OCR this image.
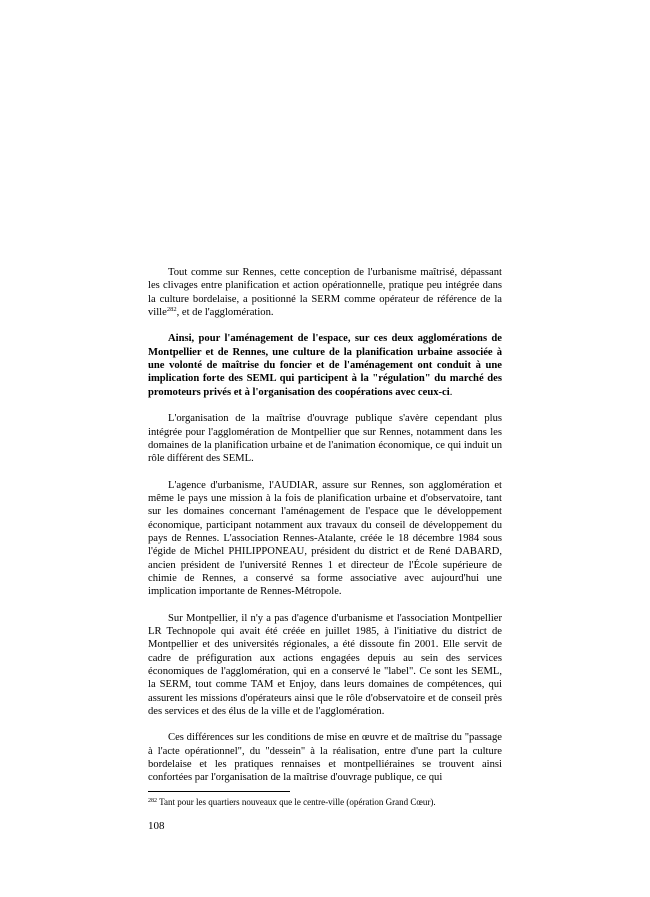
Tout comme sur Rennes, cette conception de l'urbanisme maîtrisé, dépassant les clivages entre planification et action opérationnelle, pratique peu intégrée dans la culture bordelaise, a positionné la SERM comme opérateur de référence de la ville$^{282}$, et de l'agglomération.

Ainsi, pour l'aménagement de l'espace, sur ces deux agglomérations de Montpellier et de Rennes, une culture de la planification urbaine associée à une volonté de maîtrise du foncier et de l'aménagement ont conduit à une implication forte des SEML qui participent à la "régulation" du marché des promoteurs privés et à l'organisation des coopérations avec ceux-ci.

L'organisation de la maîtrise d'ouvrage publique s'avère cependant plus intégrée pour l'agglomération de Montpellier que sur Rennes, notamment dans les domaines de la planification urbaine et de l'animation économique, ce qui induit un rôle différent des SEML.

L'agence d'urbanisme, l'AUDIAR, assure sur Rennes, son agglomération et même le pays une mission à la fois de planification urbaine et d'observatoire, tant sur les domaines concernant l'aménagement de l'espace que le développement économique, participant notamment aux travaux du conseil de développement du pays de Rennes. L'association Rennes-Atalante, créée le 18 décembre 1984 sous l'égide de Michel PHILIPPONEAU, président du district et de René DABARD, ancien président de l'université Rennes 1 et directeur de l'École supérieure de chimie de Rennes, a conservé sa forme associative avec aujourd'hui une implication importante de Rennes-Métropole.

Sur Montpellier, il n'y a pas d'agence d'urbanisme et l'association Montpellier LR Technopole qui avait été créée en juillet 1985, à l'initiative du district de Montpellier et des universités régionales, a été dissoute fin 2001. Elle servit de cadre de préfiguration aux actions engagées depuis au sein des services économiques de l'agglomération, qui en a conservé le "label". Ce sont les SEML, la SERM, tout comme TAM et Enjoy, dans leurs domaines de compétences, qui assurent les missions d'opérateurs ainsi que le rôle d'observatoire et de conseil près des services et des élus de la ville et de l'agglomération.

Ces différences sur les conditions de mise en œuvre et de maîtrise du "passage à l'acte opérationnel", du "dessein" à la réalisation, entre d'une part la culture bordelaise et les pratiques rennaises et montpelliéraines se trouvent ainsi confortées par l'organisation de la maîtrise d'ouvrage publique, ce qui

$^{282}$ Tant pour les quartiers nouveaux que le centre-ville (opération Grand Cœur).
108
